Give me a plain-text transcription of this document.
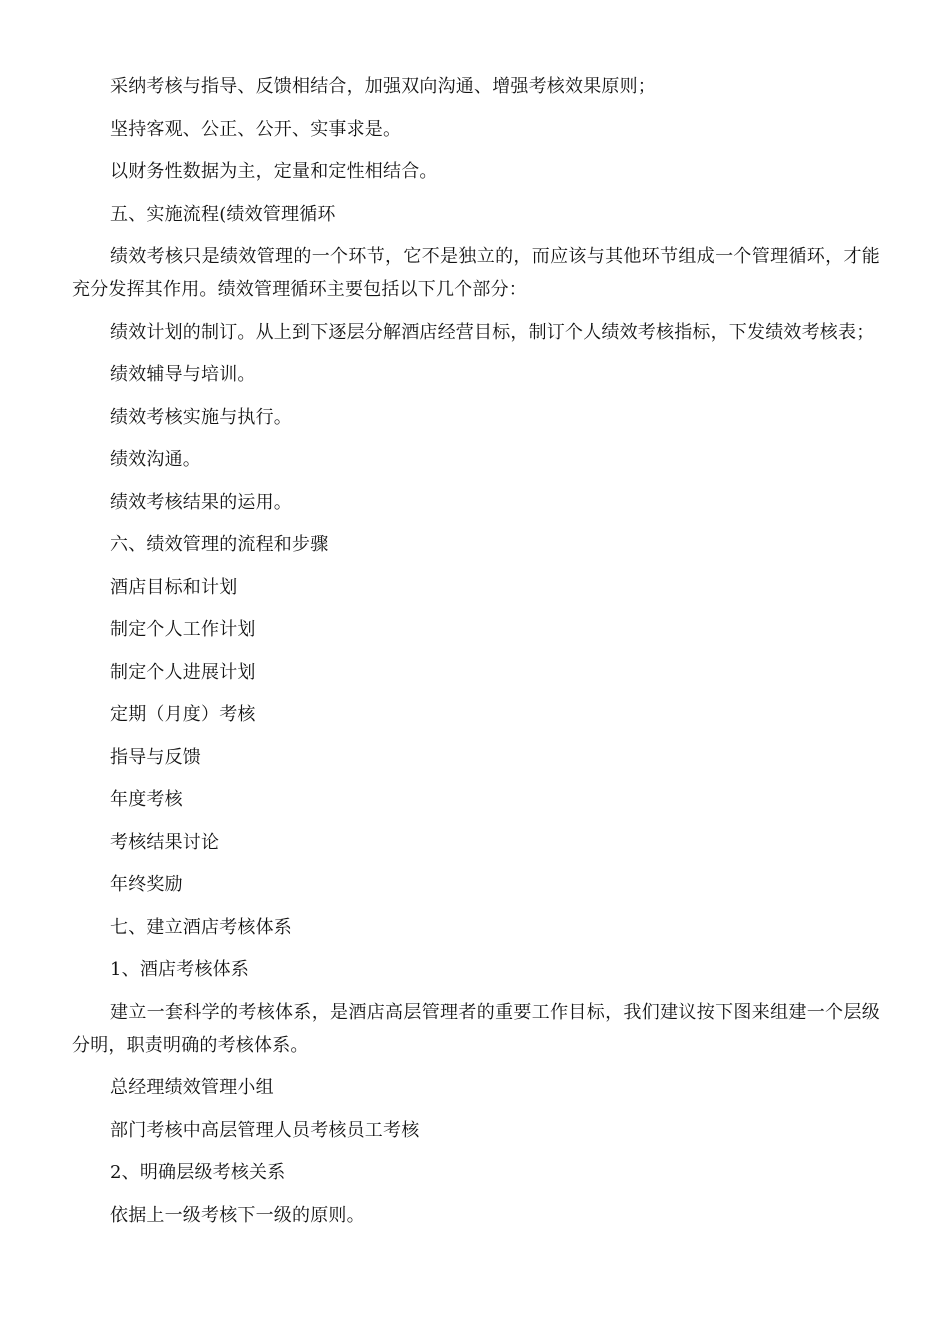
采纳考核与指导、反馈相结合，加强双向沟通、增强考核效果原则；

坚持客观、公正、公开、实事求是。

以财务性数据为主，定量和定性相结合。

五、实施流程(绩效管理循环

绩效考核只是绩效管理的一个环节，它不是独立的，而应该与其他环节组成一个管理循环，才能充分发挥其作用。绩效管理循环主要包括以下几个部分：

绩效计划的制订。从上到下逐层分解酒店经营目标，制订个人绩效考核指标，下发绩效考核表；

绩效辅导与培训。

绩效考核实施与执行。

绩效沟通。

绩效考核结果的运用。

六、绩效管理的流程和步骤

酒店目标和计划

制定个人工作计划

制定个人进展计划

定期（月度）考核

指导与反馈

年度考核

考核结果讨论

年终奖励

七、建立酒店考核体系

1、酒店考核体系

建立一套科学的考核体系，是酒店高层管理者的重要工作目标，我们建议按下图来组建一个层级分明，职责明确的考核体系。

总经理绩效管理小组

部门考核中高层管理人员考核员工考核

2、明确层级考核关系

依据上一级考核下一级的原则。
